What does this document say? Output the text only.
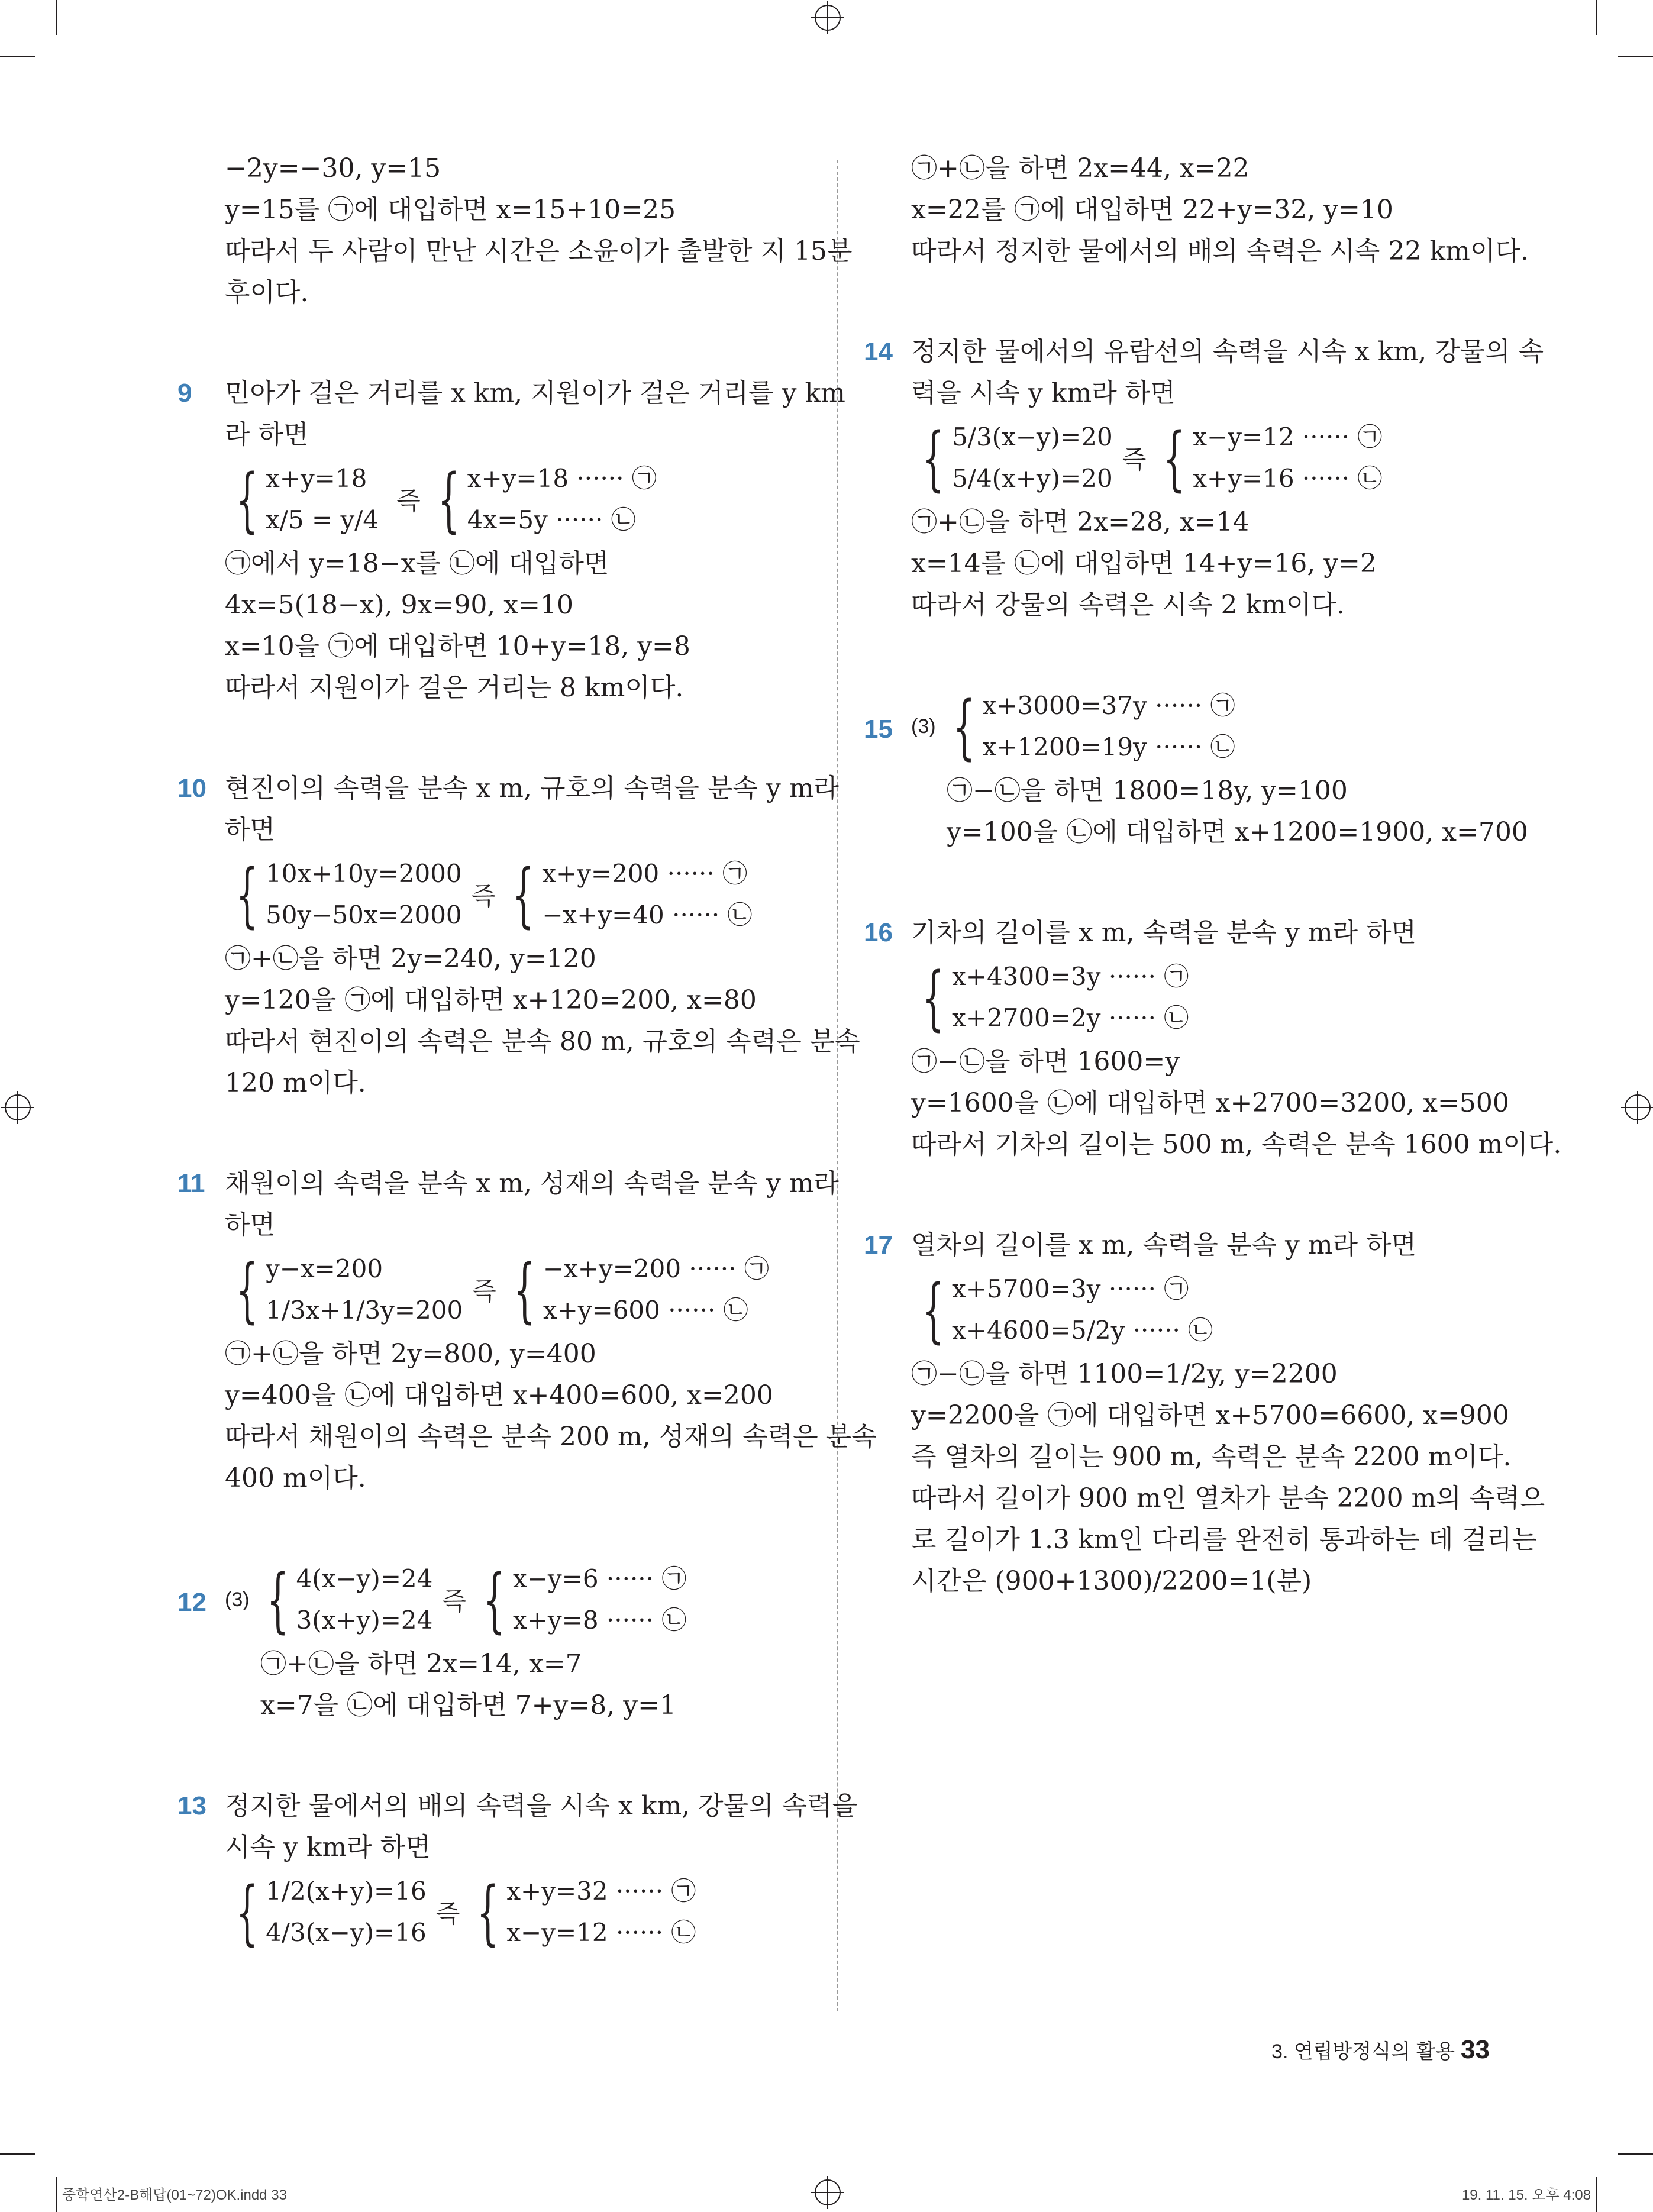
−2y=−30, y=15
y=15를 ㉠에 대입하면 x=15+10=25
따라서 두 사람이 만난 시간은 소윤이가 출발한 지 15분
후이다.
9 민아가 걸은 거리를 x km, 지원이가 걸은 거리를 y km
라 하면
{ x+y=18
x/5 = y/4
즉 { x+y=18 ······ ㉠
4x=5y ······ ㉡
㉠에서 y=18−x를 ㉡에 대입하면
4x=5(18−x), 9x=90, x=10
x=10을 ㉠에 대입하면 10+y=18, y=8
따라서 지원이가 걸은 거리는 8 km이다.
10 현진이의 속력을 분속 x m, 규호의 속력을 분속 y m라
하면
{ 10x+10y=2000
50y−50x=2000
즉 { x+y=200 ······ ㉠
−x+y=40 ······ ㉡
㉠+㉡을 하면 2y=240, y=120
y=120을 ㉠에 대입하면 x+120=200, x=80
따라서 현진이의 속력은 분속 80 m, 규호의 속력은 분속
120 m이다.
11 채원이의 속력을 분속 x m, 성재의 속력을 분속 y m라
하면
{ y−x=200
1/3x+1/3y=200
즉 { −x+y=200 ······ ㉠
x+y=600 ······ ㉡
㉠+㉡을 하면 2y=800, y=400
y=400을 ㉡에 대입하면 x+400=600, x=200
따라서 채원이의 속력은 분속 200 m, 성재의 속력은 분속
400 m이다.
12 (3) { 4(x−y)=24
3(x+y)=24
즉 { x−y=6 ······ ㉠
x+y=8 ······ ㉡
㉠+㉡을 하면 2x=14, x=7
x=7을 ㉡에 대입하면 7+y=8, y=1
13 정지한 물에서의 배의 속력을 시속 x km, 강물의 속력을
시속 y km라 하면
{ 1/2(x+y)=16
4/3(x−y)=16
즉 { x+y=32 ······ ㉠
x−y=12 ······ ㉡
㉠+㉡을 하면 2x=44, x=22
x=22를 ㉠에 대입하면 22+y=32, y=10
따라서 정지한 물에서의 배의 속력은 시속 22 km이다.
14 정지한 물에서의 유람선의 속력을 시속 x km, 강물의 속
력을 시속 y km라 하면
{ 5/3(x−y)=20
5/4(x+y)=20
즉 { x−y=12 ······ ㉠
x+y=16 ······ ㉡
㉠+㉡을 하면 2x=28, x=14
x=14를 ㉡에 대입하면 14+y=16, y=2
따라서 강물의 속력은 시속 2 km이다.
15 (3) { x+3000=37y ······ ㉠
x+1200=19y ······ ㉡
㉠−㉡을 하면 1800=18y, y=100
y=100을 ㉡에 대입하면 x+1200=1900, x=700
16 기차의 길이를 x m, 속력을 분속 y m라 하면
{ x+4300=3y ······ ㉠
x+2700=2y ······ ㉡
㉠−㉡을 하면 1600=y
y=1600을 ㉡에 대입하면 x+2700=3200, x=500
따라서 기차의 길이는 500 m, 속력은 분속 1600 m이다.
17 열차의 길이를 x m, 속력을 분속 y m라 하면
{ x+5700=3y ······ ㉠
x+4600=5/2y ······ ㉡
㉠−㉡을 하면 1100=1/2y, y=2200
y=2200을 ㉠에 대입하면 x+5700=6600, x=900
즉 열차의 길이는 900 m, 속력은 분속 2200 m이다.
따라서 길이가 900 m인 열차가 분속 2200 m의 속력으
로 길이가 1.3 km인 다리를 완전히 통과하는 데 걸리는
시간은 (900+1300)/2200=1(분)
3. 연립방정식의 활용 33
중학연산2-B해답(01~72)OK.indd 33	19. 11. 15. 오후 4:08
